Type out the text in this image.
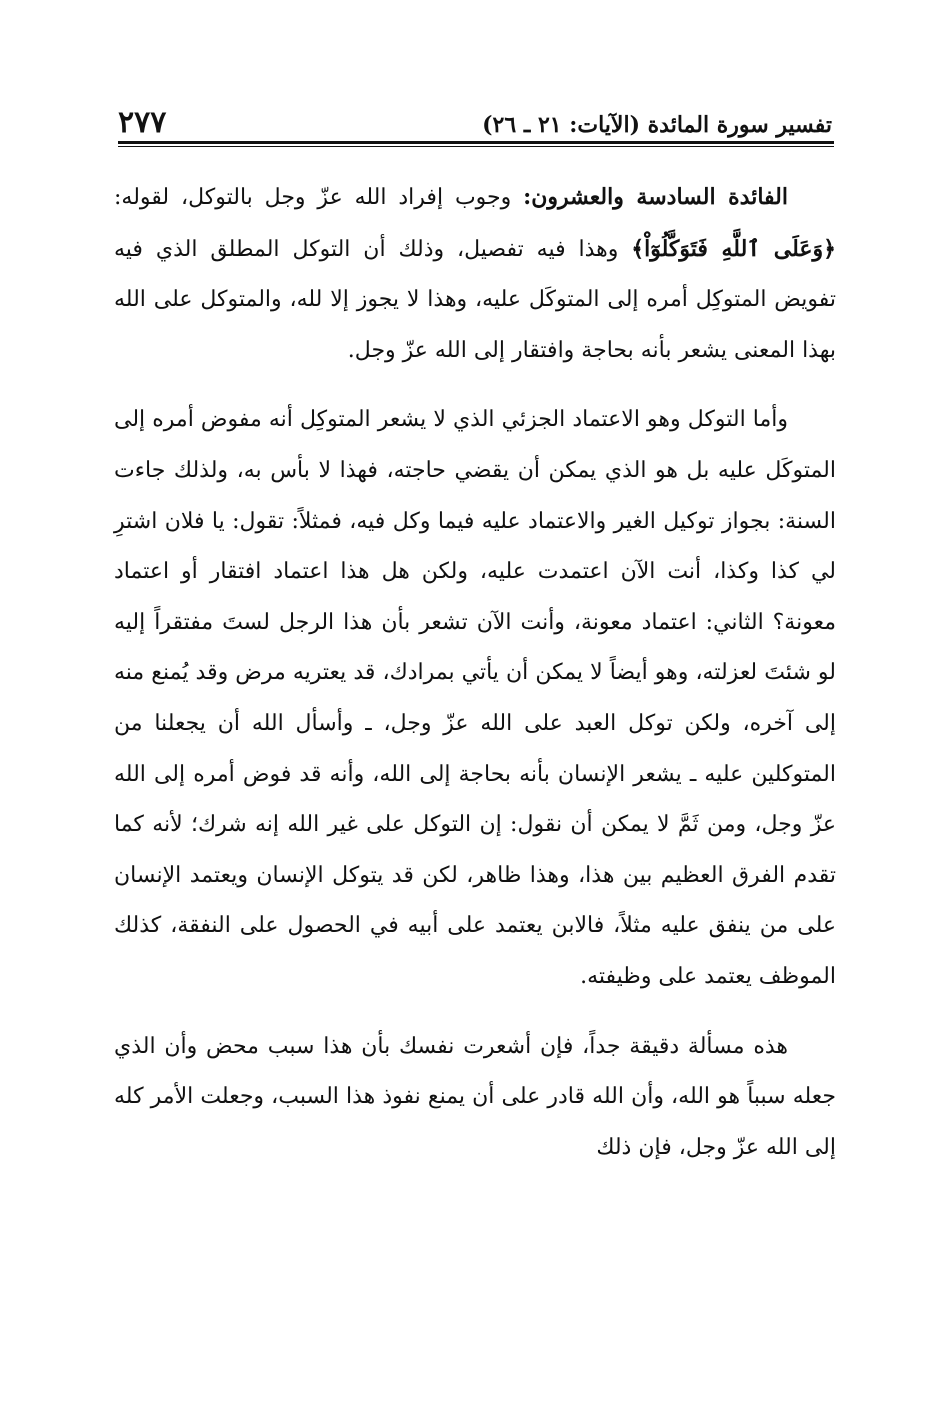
تفسير سورة المائدة (الآيات: ٢١ ـ ٢٦)
٢٧٧

الفائدة السادسة والعشرون: وجوب إفراد الله عزّ وجل بالتوكل، لقوله: ﴿وَعَلَى ٱللَّهِ فَتَوَكَّلُوٓاْ﴾ وهذا فيه تفصيل، وذلك أن التوكل المطلق الذي فيه تفويض المتوكِل أمره إلى المتوكَل عليه، وهذا لا يجوز إلا لله، والمتوكل على الله بهذا المعنى يشعر بأنه بحاجة وافتقار إلى الله عزّ وجل.

وأما التوكل وهو الاعتماد الجزئي الذي لا يشعر المتوكِل أنه مفوض أمره إلى المتوكَل عليه بل هو الذي يمكن أن يقضي حاجته، فهذا لا بأس به، ولذلك جاءت السنة: بجواز توكيل الغير والاعتماد عليه فيما وكل فيه، فمثلاً: تقول: يا فلان اشترِ لي كذا وكذا، أنت الآن اعتمدت عليه، ولكن هل هذا اعتماد افتقار أو اعتماد معونة؟ الثاني: اعتماد معونة، وأنت الآن تشعر بأن هذا الرجل لستَ مفتقراً إليه لو شئتَ لعزلته، وهو أيضاً لا يمكن أن يأتي بمرادك، قد يعتريه مرض وقد يُمنع منه إلى آخره، ولكن توكل العبد على الله عزّ وجل، ـ وأسأل الله أن يجعلنا من المتوكلين عليه ـ يشعر الإنسان بأنه بحاجة إلى الله، وأنه قد فوض أمره إلى الله عزّ وجل، ومن ثَمَّ لا يمكن أن نقول: إن التوكل على غير الله إنه شرك؛ لأنه كما تقدم الفرق العظيم بين هذا، وهذا ظاهر، لكن قد يتوكل الإنسان ويعتمد الإنسان على من ينفق عليه مثلاً، فالابن يعتمد على أبيه في الحصول على النفقة، كذلك الموظف يعتمد على وظيفته.

هذه مسألة دقيقة جداً، فإن أشعرت نفسك بأن هذا سبب محض وأن الذي جعله سبباً هو الله، وأن الله قادر على أن يمنع نفوذ هذا السبب، وجعلت الأمر كله إلى الله عزّ وجل، فإن ذلك
